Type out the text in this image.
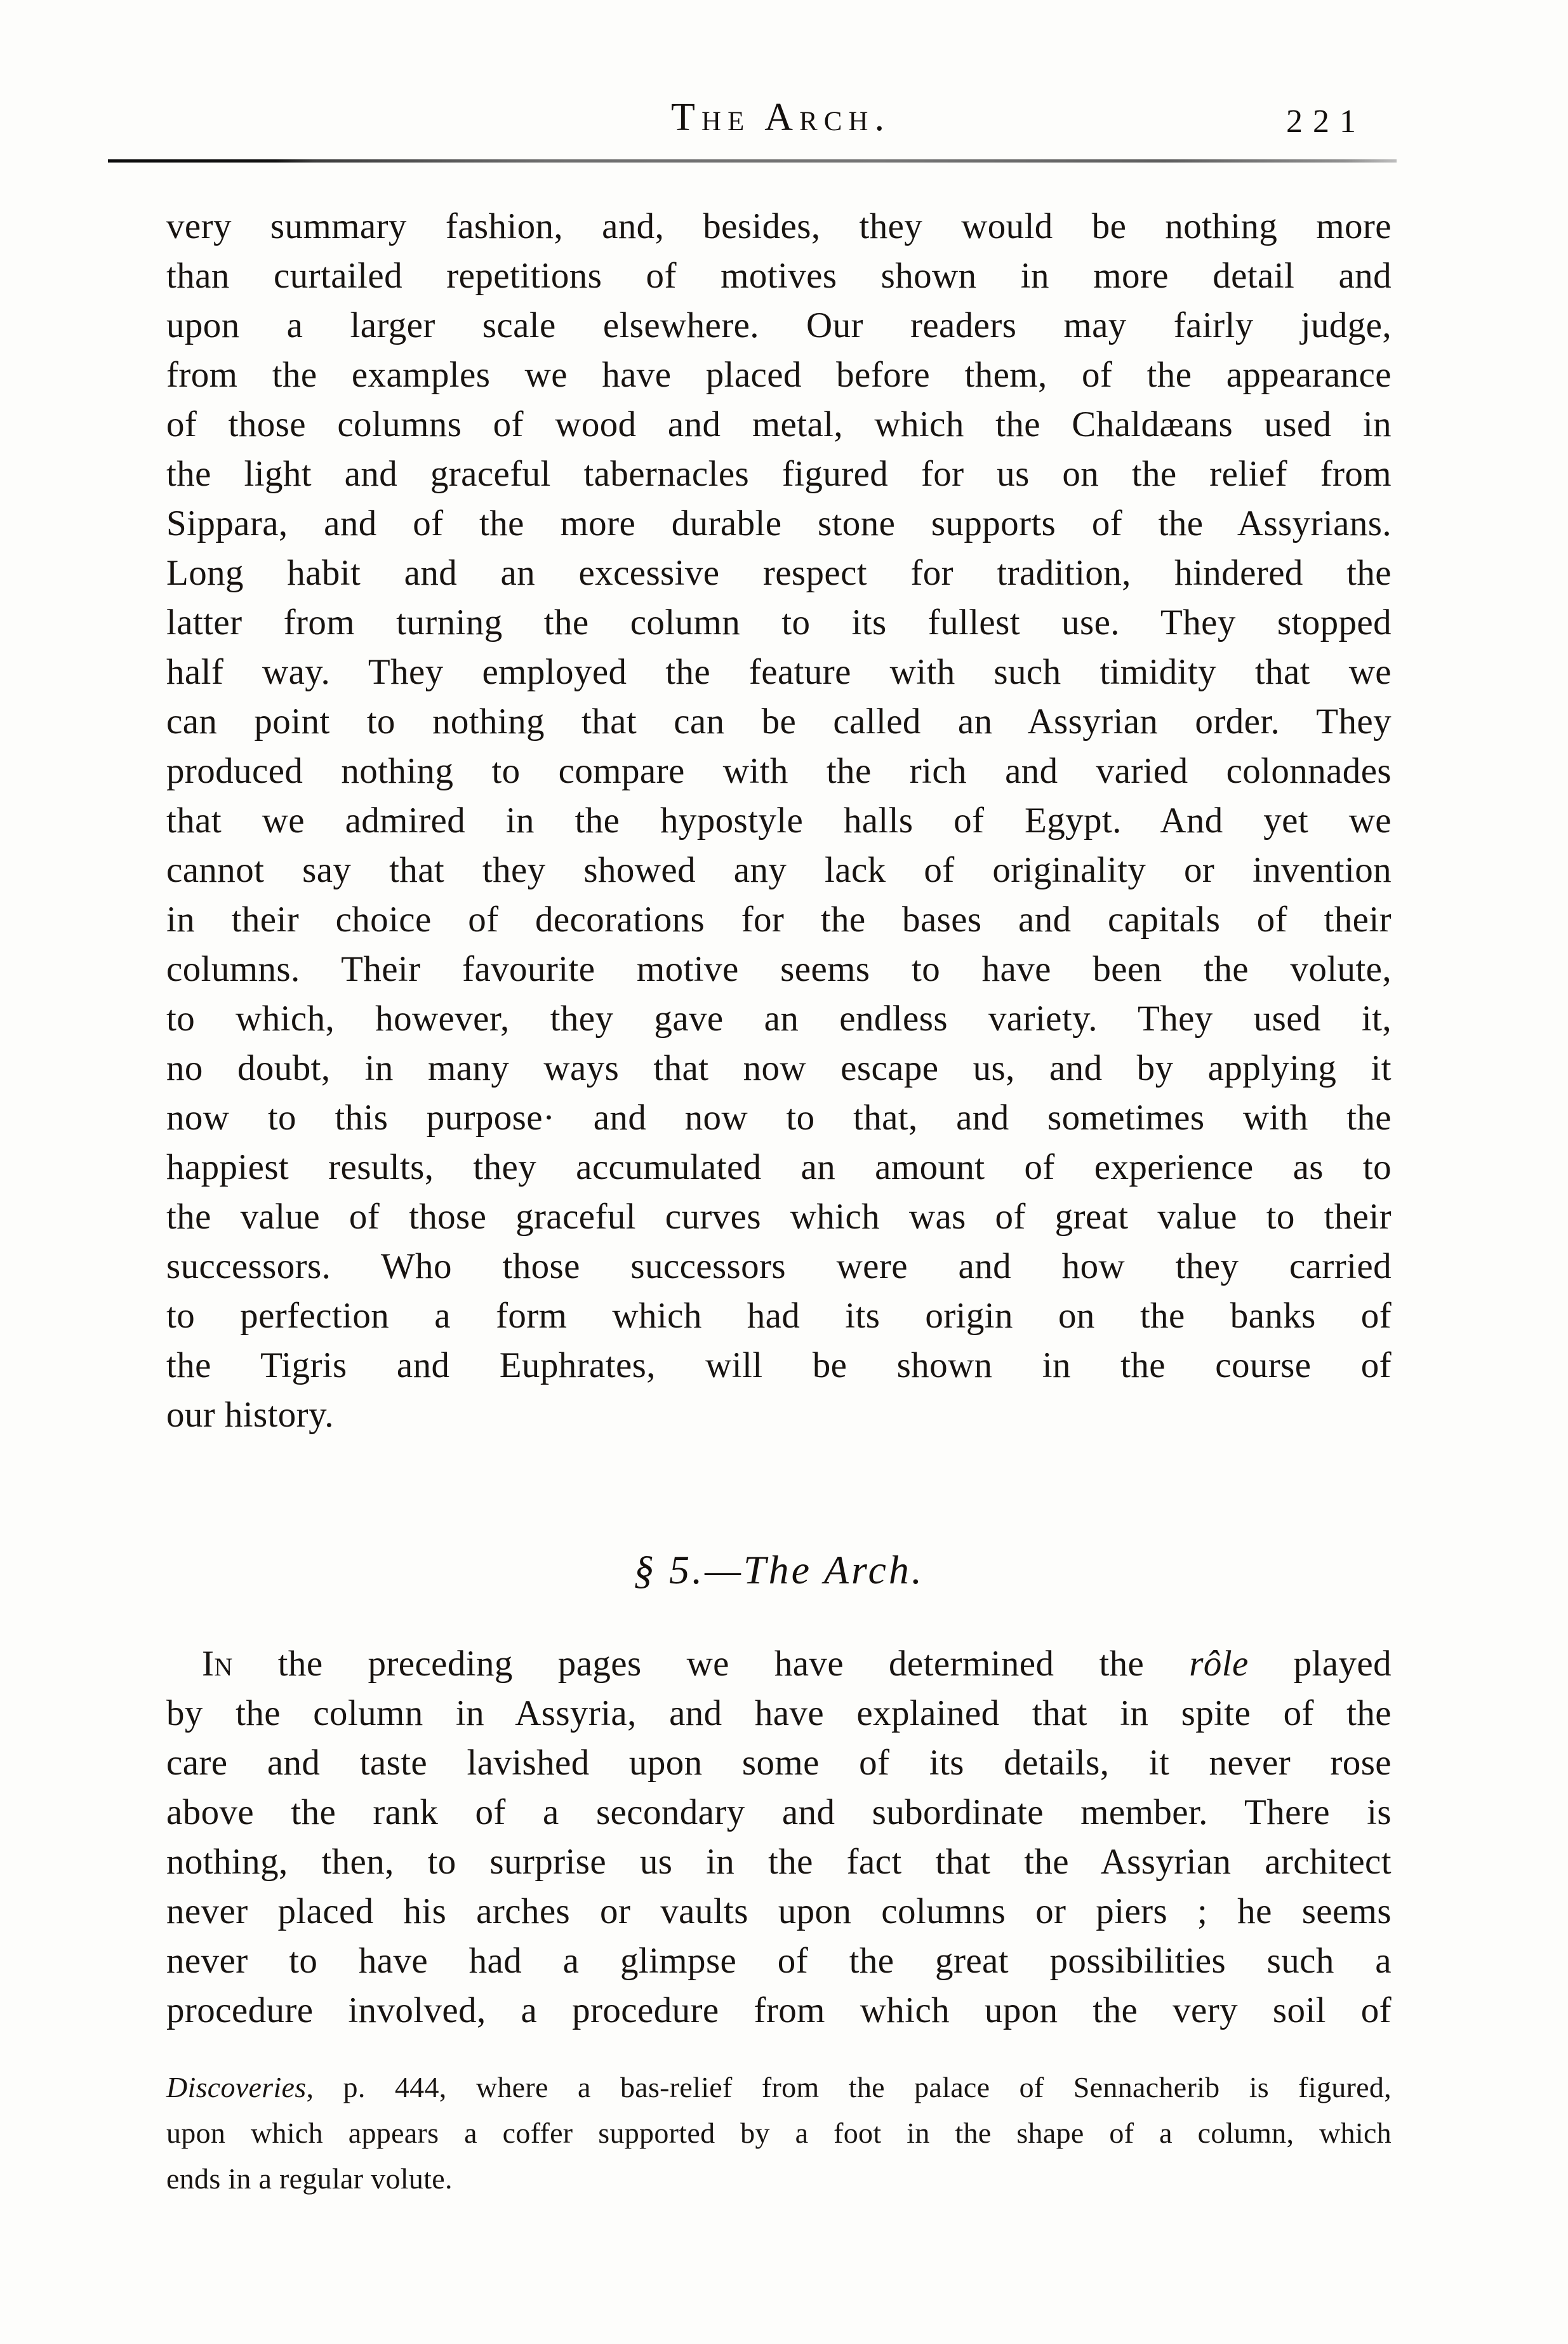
The Arch.	221
very summary fashion, and, besides, they would be nothing more
than curtailed repetitions of motives shown in more detail and
upon a larger scale elsewhere. Our readers may fairly judge,
from the examples we have placed before them, of the appearance
of those columns of wood and metal, which the Chaldæans used in
the light and graceful tabernacles figured for us on the relief from
Sippara, and of the more durable stone supports of the Assyrians.
Long habit and an excessive respect for tradition, hindered the
latter from turning the column to its fullest use. They stopped
half way. They employed the feature with such timidity that we
can point to nothing that can be called an Assyrian order. They
produced nothing to compare with the rich and varied colonnades
that we admired in the hypostyle halls of Egypt. And yet we
cannot say that they showed any lack of originality or invention
in their choice of decorations for the bases and capitals of their
columns. Their favourite motive seems to have been the volute,
to which, however, they gave an endless variety. They used it,
no doubt, in many ways that now escape us, and by applying it
now to this purpose· and now to that, and sometimes with the
happiest results, they accumulated an amount of experience as to
the value of those graceful curves which was of great value to their
successors. Who those successors were and how they carried
to perfection a form which had its origin on the banks of
the Tigris and Euphrates, will be shown in the course of
our history.
§ 5.—The Arch.
In the preceding pages we have determined the rôle played
by the column in Assyria, and have explained that in spite of the
care and taste lavished upon some of its details, it never rose
above the rank of a secondary and subordinate member. There is
nothing, then, to surprise us in the fact that the Assyrian architect
never placed his arches or vaults upon columns or piers ; he seems
never to have had a glimpse of the great possibilities such a
procedure involved, a procedure from which upon the very soil of
Discoveries, p. 444, where a bas-relief from the palace of Sennacherib is figured,
upon which appears a coffer supported by a foot in the shape of a column, which
ends in a regular volute.
